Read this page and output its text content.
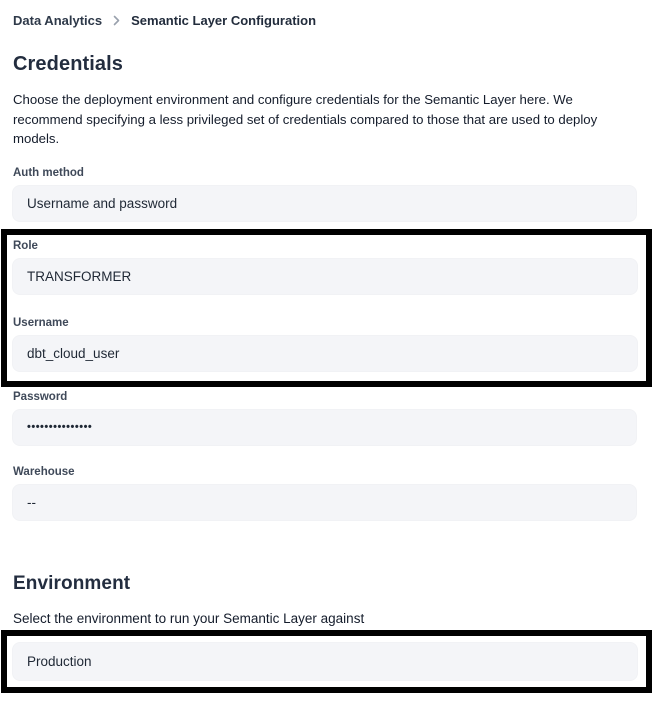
Data Analytics Semantic Layer Configuration
Credentials

Choose the deployment environment and configure credentials for the Semantic Layer here. We recommend specifying a less privileged set of credentials compared to those that are used to deploy models.

Auth method
Username and password
Role
TRANSFORMER
Username
dbt_cloud_user
Password
•••••••••••••••
Warehouse
--
Environment

Select the environment to run your Semantic Layer against

Production
